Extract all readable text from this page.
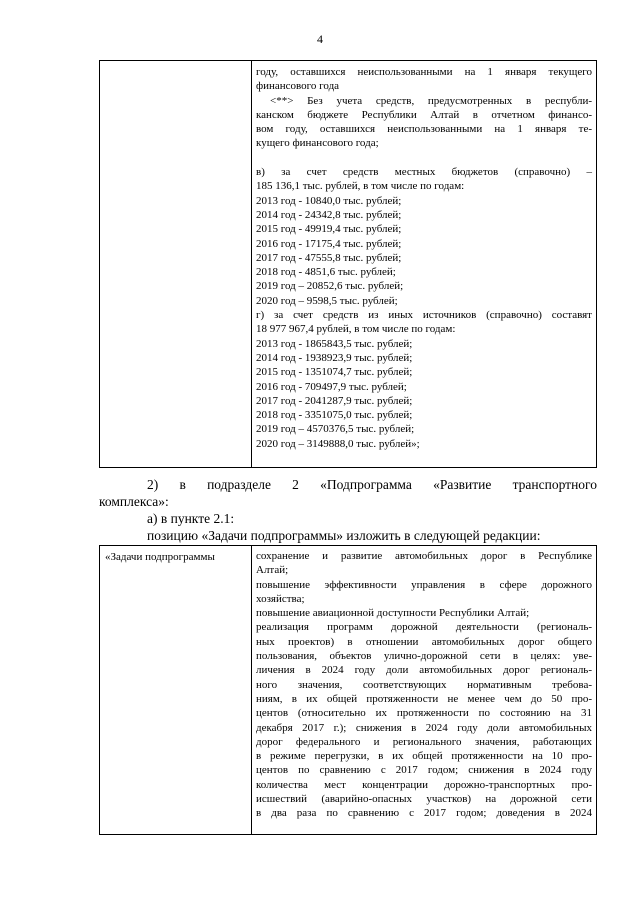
4
году, оставшихся неиспользованными на 1 января текущего
финансового года
<**> Без учета средств, предусмотренных в республи-
канском бюджете Республики Алтай в отчетном финансо-
вом году, оставшихся неиспользованными на 1 января те-
кущего финансового года;
в) за счет средств местных бюджетов (справочно) –
185 136,1 тыс. рублей, в том числе по годам:
2013 год - 10840,0 тыс. рублей;
2014 год - 24342,8 тыс. рублей;
2015 год - 49919,4 тыс. рублей;
2016 год - 17175,4 тыс. рублей;
2017 год - 47555,8 тыс. рублей;
2018 год - 4851,6 тыс. рублей;
2019 год – 20852,6 тыс. рублей;
2020 год – 9598,5 тыс. рублей;
г) за счет средств из иных источников (справочно) составят
18 977 967,4 рублей, в том числе по годам:
2013 год - 1865843,5 тыс. рублей;
2014 год - 1938923,9 тыс. рублей;
2015 год - 1351074,7 тыс. рублей;
2016 год - 709497,9 тыс. рублей;
2017 год - 2041287,9 тыс. рублей;
2018 год - 3351075,0 тыс. рублей;
2019 год – 4570376,5 тыс. рублей;
2020 год – 3149888,0 тыс. рублей»;
2) в подразделе 2 «Подпрограмма «Развитие транспортного
комплекса»:
а) в пункте 2.1:
позицию «Задачи подпрограммы» изложить в следующей редакции:
«Задачи подпрограммы	сохранение и развитие автомобильных дорог в Республике
Алтай;
повышение эффективности управления в сфере дорожного
хозяйства;
повышение авиационной доступности Республики Алтай;
реализация программ дорожной деятельности (региональ-
ных проектов) в отношении автомобильных дорог общего
пользования, объектов улично-дорожной сети в целях: уве-
личения в 2024 году доли автомобильных дорог региональ-
ного значения, соответствующих нормативным требова-
ниям, в их общей протяженности не менее чем до 50 про-
центов (относительно их протяженности по состоянию на 31
декабря 2017 г.); снижения в 2024 году доли автомобильных
дорог федерального и регионального значения, работающих
в режиме перегрузки, в их общей протяженности на 10 про-
центов по сравнению с 2017 годом; снижения в 2024 году
количества мест концентрации дорожно-транспортных про-
исшествий (аварийно-опасных участков) на дорожной сети
в два раза по сравнению с 2017 годом; доведения в 2024
